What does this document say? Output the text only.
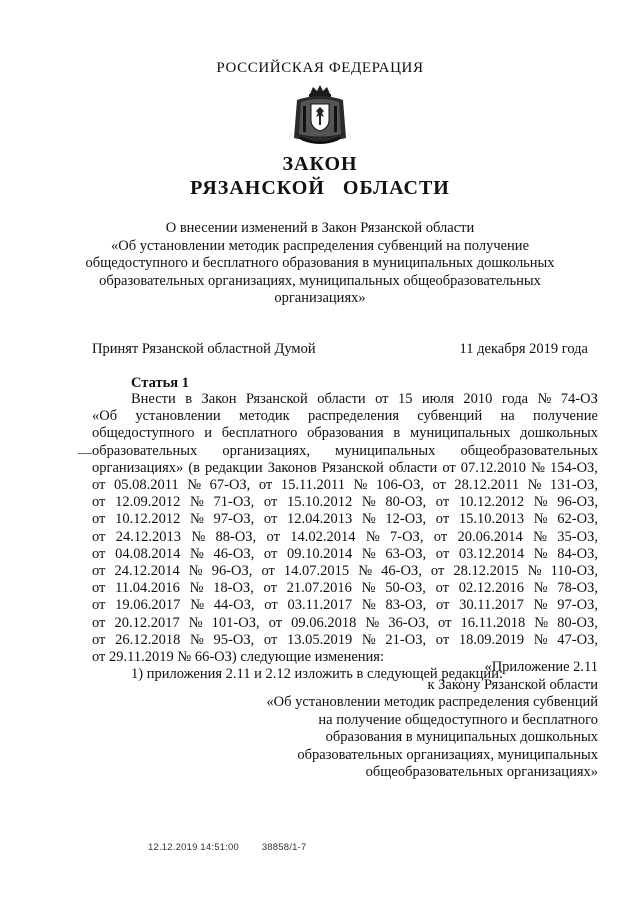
РОССИЙСКАЯ ФЕДЕРАЦИЯ
ЗАКОН
РЯЗАНСКОЙ   ОБЛАСТИ
О внесении изменений в Закон Рязанской области
«Об установлении методик распределения субвенций на получение
общедоступного и бесплатного образования в муниципальных дошкольных
образовательных организациях, муниципальных общеобразовательных
организациях»
Принят Рязанской областной Думой	11 декабря 2019 года
Статья 1
Внести в Закон Рязанской области от 15 июля 2010 года № 74-ОЗ
«Об установлении методик распределения субвенций на получение
общедоступного и бесплатного образования в муниципальных дошкольных
образовательных организациях, муниципальных общеобразовательных
организациях» (в редакции Законов Рязанской области от 07.12.2010 № 154-ОЗ,
от 05.08.2011 № 67-ОЗ, от 15.11.2011 № 106-ОЗ, от 28.12.2011 № 131-ОЗ,
от 12.09.2012 № 71-ОЗ, от 15.10.2012 № 80-ОЗ, от 10.12.2012 № 96-ОЗ,
от 10.12.2012 № 97-ОЗ, от 12.04.2013 № 12-ОЗ, от 15.10.2013 № 62-ОЗ,
от 24.12.2013 № 88-ОЗ, от 14.02.2014 № 7-ОЗ, от 20.06.2014 № 35-ОЗ,
от 04.08.2014 № 46-ОЗ, от 09.10.2014 № 63-ОЗ, от 03.12.2014 № 84-ОЗ,
от 24.12.2014 № 96-ОЗ, от 14.07.2015 № 46-ОЗ, от 28.12.2015 № 110-ОЗ,
от 11.04.2016 № 18-ОЗ, от 21.07.2016 № 50-ОЗ, от 02.12.2016 № 78-ОЗ,
от 19.06.2017 № 44-ОЗ, от 03.11.2017 № 83-ОЗ, от 30.11.2017 № 97-ОЗ,
от 20.12.2017 № 101-ОЗ, от 09.06.2018 № 36-ОЗ, от 16.11.2018 № 80-ОЗ,
от 26.12.2018 № 95-ОЗ, от 13.05.2019 № 21-ОЗ, от 18.09.2019 № 47-ОЗ,
от 29.11.2019 № 66-ОЗ) следующие изменения:
1) приложения 2.11 и 2.12 изложить в следующей редакции:
«Приложение 2.11
к Закону Рязанской области
«Об установлении методик распределения субвенций
на получение общедоступного и бесплатного
образования в муниципальных дошкольных
образовательных организациях, муниципальных
общеобразовательных организациях»
12.12.2019 14:51:00 38858/1-7
